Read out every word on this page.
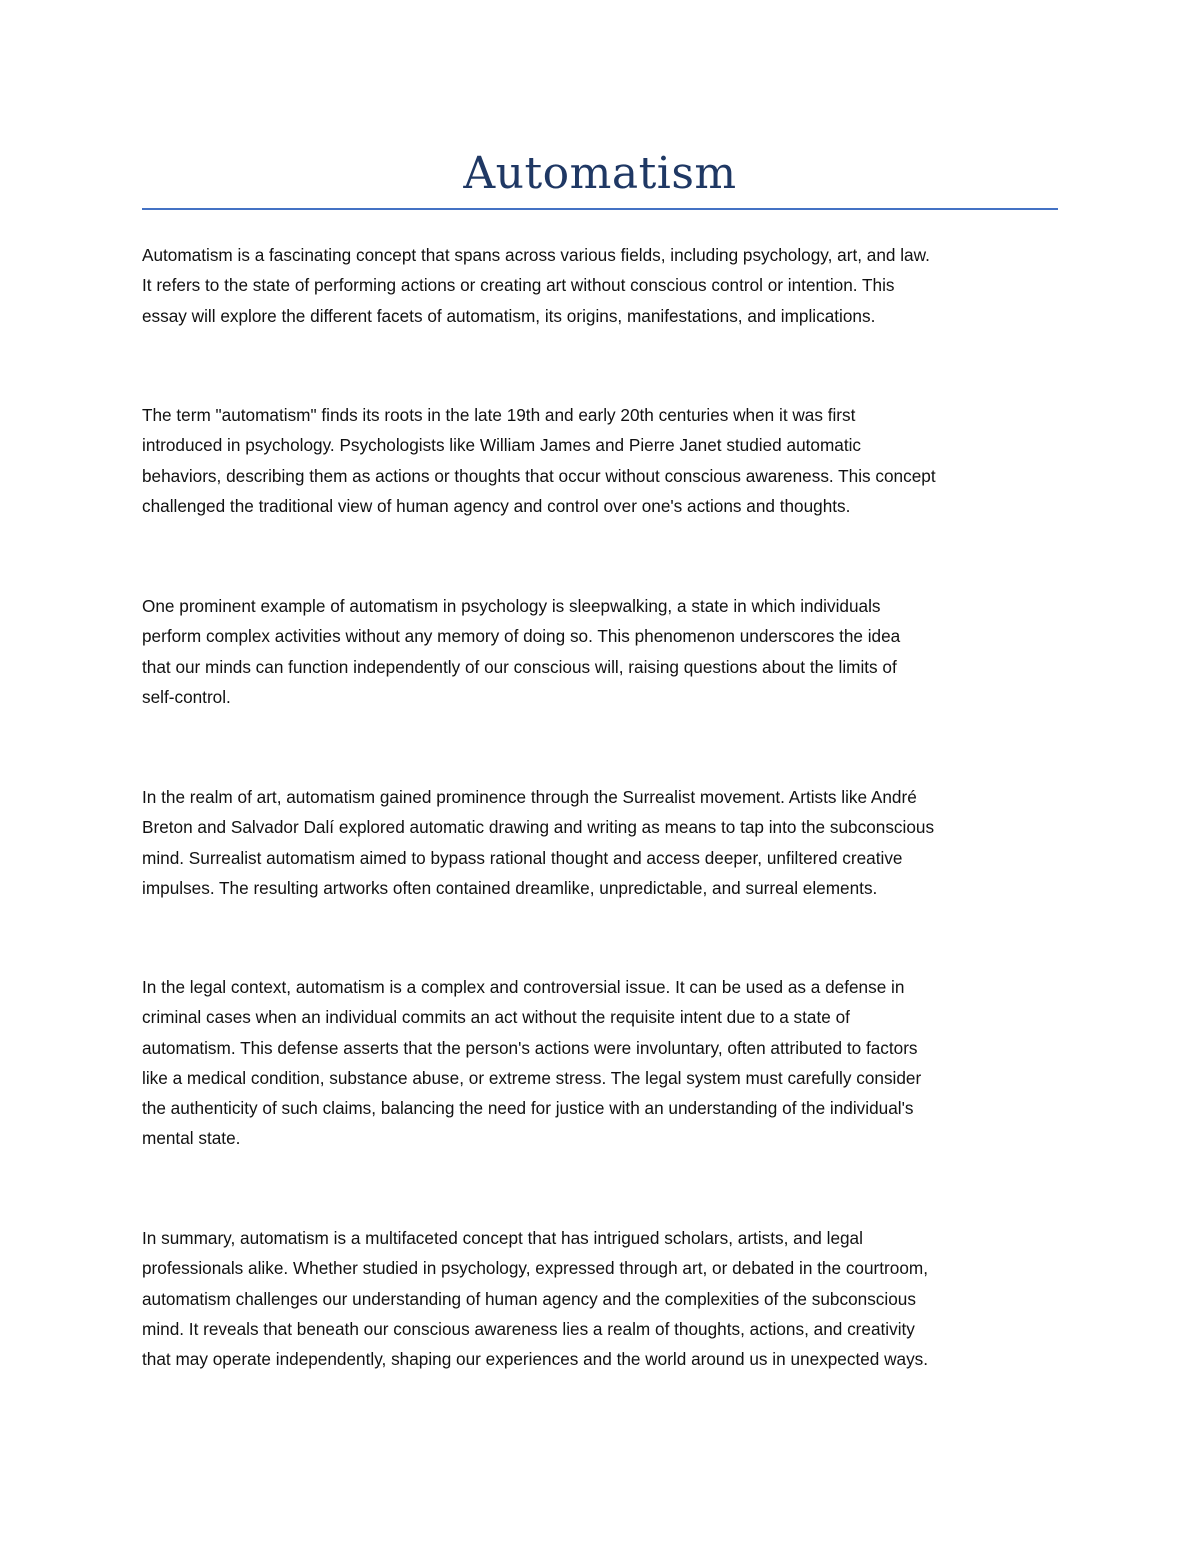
Automatism

Automatism is a fascinating concept that spans across various fields, including psychology, art, and law.
It refers to the state of performing actions or creating art without conscious control or intention. This
essay will explore the different facets of automatism, its origins, manifestations, and implications.

The term "automatism" finds its roots in the late 19th and early 20th centuries when it was first
introduced in psychology. Psychologists like William James and Pierre Janet studied automatic
behaviors, describing them as actions or thoughts that occur without conscious awareness. This concept
challenged the traditional view of human agency and control over one's actions and thoughts.

One prominent example of automatism in psychology is sleepwalking, a state in which individuals
perform complex activities without any memory of doing so. This phenomenon underscores the idea
that our minds can function independently of our conscious will, raising questions about the limits of
self-control.

In the realm of art, automatism gained prominence through the Surrealist movement. Artists like André
Breton and Salvador Dalí explored automatic drawing and writing as means to tap into the subconscious
mind. Surrealist automatism aimed to bypass rational thought and access deeper, unfiltered creative
impulses. The resulting artworks often contained dreamlike, unpredictable, and surreal elements.

In the legal context, automatism is a complex and controversial issue. It can be used as a defense in
criminal cases when an individual commits an act without the requisite intent due to a state of
automatism. This defense asserts that the person's actions were involuntary, often attributed to factors
like a medical condition, substance abuse, or extreme stress. The legal system must carefully consider
the authenticity of such claims, balancing the need for justice with an understanding of the individual's
mental state.

In summary, automatism is a multifaceted concept that has intrigued scholars, artists, and legal
professionals alike. Whether studied in psychology, expressed through art, or debated in the courtroom,
automatism challenges our understanding of human agency and the complexities of the subconscious
mind. It reveals that beneath our conscious awareness lies a realm of thoughts, actions, and creativity
that may operate independently, shaping our experiences and the world around us in unexpected ways.
